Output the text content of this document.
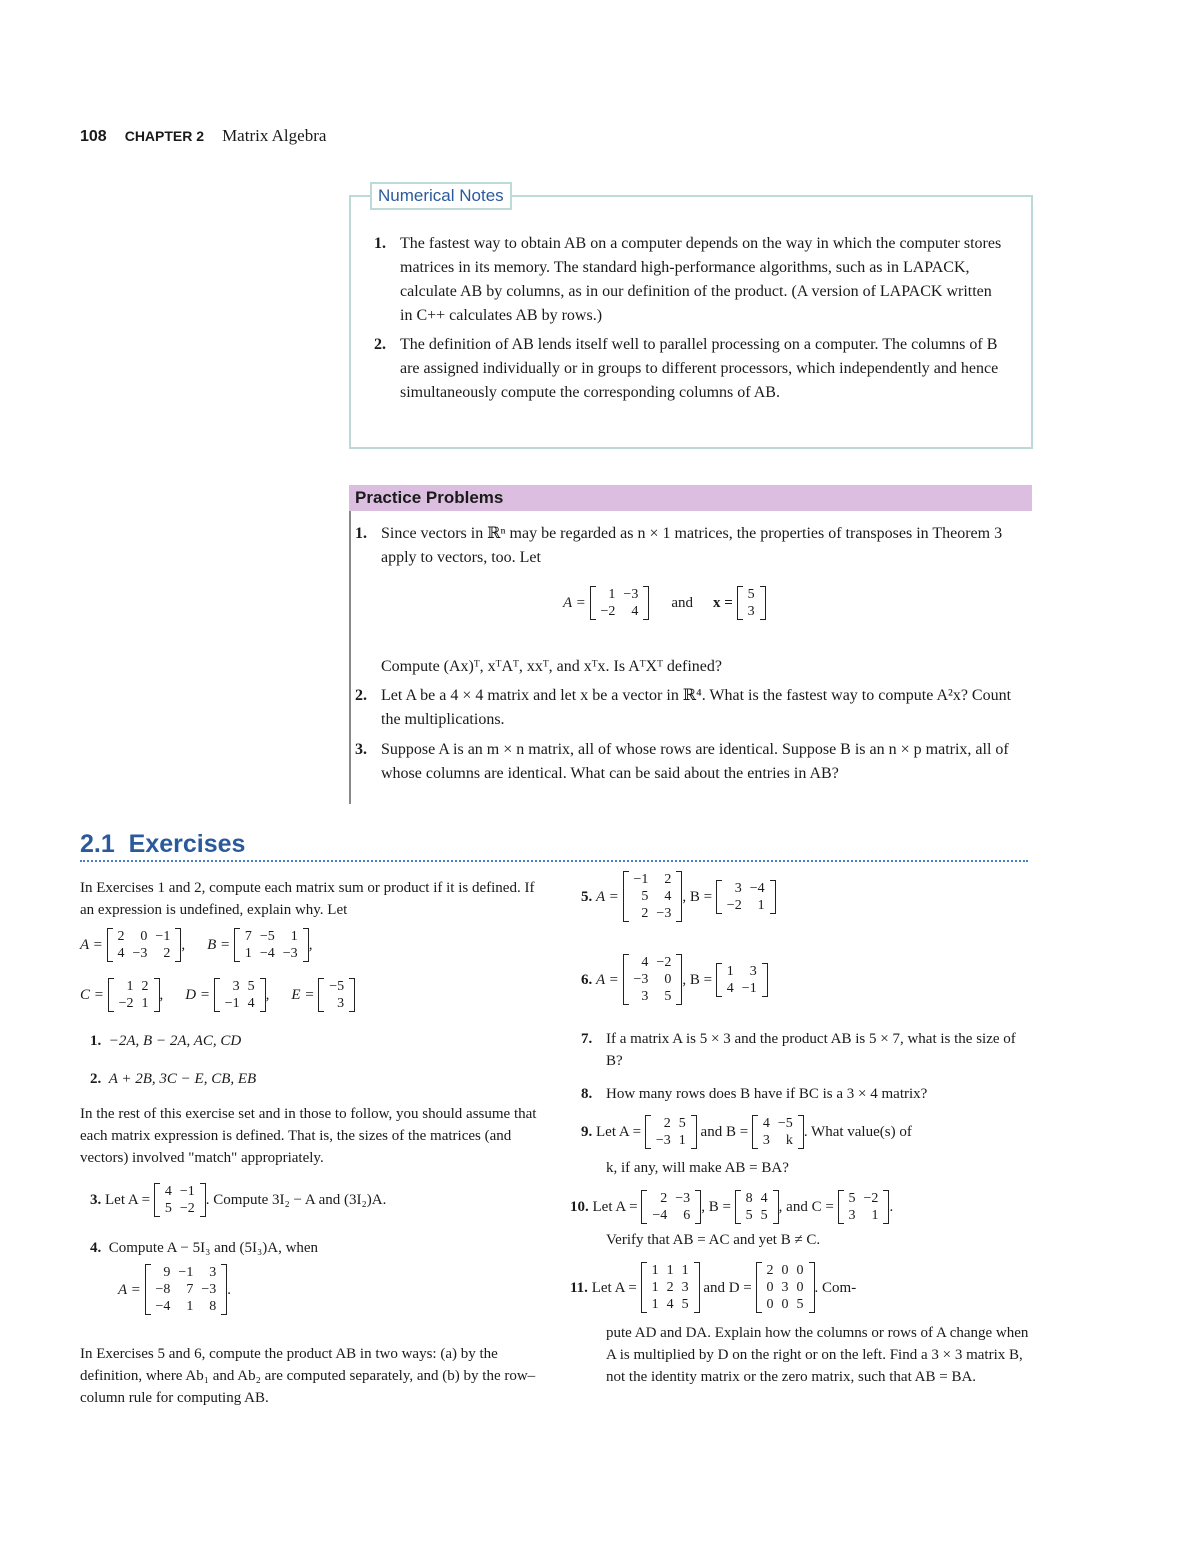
108 CHAPTER 2 Matrix Algebra
Numerical Notes
1. The fastest way to obtain AB on a computer depends on the way in which the computer stores matrices in its memory. The standard high-performance algorithms, such as in LAPACK, calculate AB by columns, as in our definition of the product. (A version of LAPACK written in C++ calculates AB by rows.)
2. The definition of AB lends itself well to parallel processing on a computer. The columns of B are assigned individually or in groups to different processors, which independently and hence simultaneously compute the corresponding columns of AB.
Practice Problems
1. Since vectors in ℝⁿ may be regarded as n × 1 matrices, the properties of transposes in Theorem 3 apply to vectors, too. Let
A =

1	−3
−2	4
and x =

5
3
Compute (Ax)ᵀ, xᵀAᵀ, xxᵀ, and xᵀx. Is AᵀXᵀ defined?
2. Let A be a 4 × 4 matrix and let x be a vector in ℝ⁴. What is the fastest way to compute A²x? Count the multiplications.
3. Suppose A is an m × n matrix, all of whose rows are identical. Suppose B is an n × p matrix, all of whose columns are identical. What can be said about the entries in AB?
2.1 Exercises
In Exercises 1 and 2, compute each matrix sum or product if it is defined. If an expression is undefined, explain why. Let
A =

2	0	−1
4	−3	2
, B =

7	−5	1
1	−4	−3
,
C =

1	2
−2	1
, D =

3	5
−1	4
, E =

−5
3
1. −2A, B − 2A, AC, CD
2. A + 2B, 3C − E, CB, EB
In the rest of this exercise set and in those to follow, you should assume that each matrix expression is defined. That is, the sizes of the matrices (and vectors) involved "match" appropriately.
3.
Let A =

4	−1
5	−2
. Compute 3I₂ − A and (3I₂)A.
4. Compute A − 5I₃ and (5I₃)A, when
A =

9	−1	3
−8	7	−3
−4	1	8
.
In Exercises 5 and 6, compute the product AB in two ways: (a) by the definition, where Ab₁ and Ab₂ are computed separately, and (b) by the row–column rule for computing AB.
5.
A =

−1	2
5	4
2	−3
, B =

3	−4
−2	1
6.
A =

4	−2
−3	0
3	5
, B =

1	3
4	−1
7. If a matrix A is 5 × 3 and the product AB is 5 × 7, what is the size of B?
8. How many rows does B have if BC is a 3 × 4 matrix?
9.
Let A =

2	5
−3	1

and B =

4	−5
3	k
. What value(s) of
k, if any, will make AB = BA?
10.
Let A =

2	−3
−4	6
, B =

8	4
5	5
, and C =

5	−2
3	1
.
Verify that AB = AC and yet B ≠ C.
11.
Let A =

1	1	1
1	2	3
1	4	5

and D =

2	0	0
0	3	0
0	0	5
. Com-
pute AD and DA. Explain how the columns or rows of A change when A is multiplied by D on the right or on the left. Find a 3 × 3 matrix B, not the identity matrix or the zero matrix, such that AB = BA.
